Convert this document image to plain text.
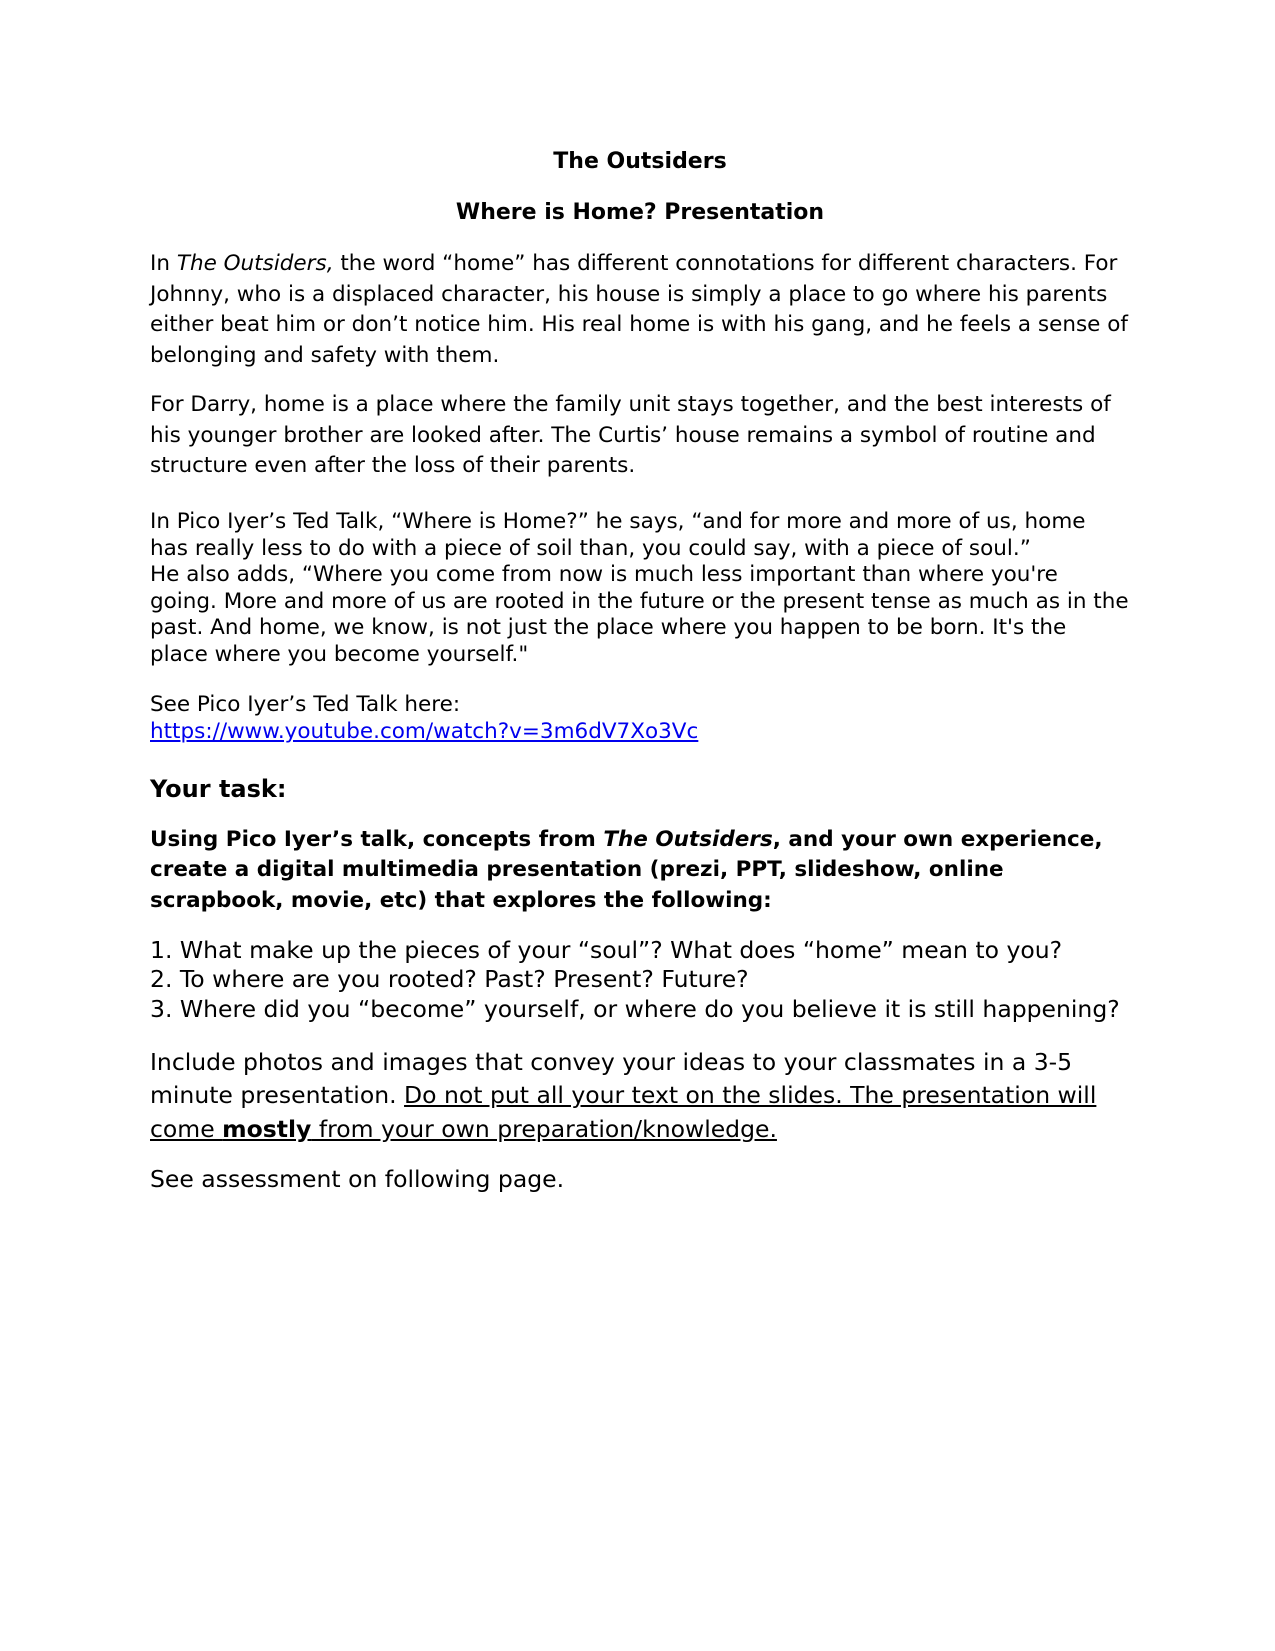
The Outsiders
Where is Home? Presentation

In The Outsiders, the word “home” has different connotations for different characters. For Johnny, who is a displaced character, his house is simply a place to go where his parents either beat him or don’t notice him. His real home is with his gang, and he feels a sense of belonging and safety with them.

For Darry, home is a place where the family unit stays together, and the best interests of his younger brother are looked after. The Curtis’ house remains a symbol of routine and structure even after the loss of their parents.

In Pico Iyer’s Ted Talk, “Where is Home?” he says, “and for more and more of us, home has really less to do with a piece of soil than, you could say, with a piece of soul.”
He also adds, “Where you come from now is much less important than where you're going. More and more of us are rooted in the future or the present tense as much as in the past. And home, we know, is not just the place where you happen to be born. It's the place where you become yourself."
See Pico Iyer’s Ted Talk here:
https://www.youtube.com/watch?v=3m6dV7Xo3Vc
Your task:

Using Pico Iyer’s talk, concepts from The Outsiders, and your own experience, create a digital multimedia presentation (prezi, PPT, slideshow, online scrapbook, movie, etc) that explores the following:

1. What make up the pieces of your “soul”? What does “home” mean to you?
2. To where are you rooted? Past? Present? Future?
3. Where did you “become” yourself, or where do you believe it is still happening?

Include photos and images that convey your ideas to your classmates in a 3-5 minute presentation. Do not put all your text on the slides. The presentation will come mostly from your own preparation/knowledge.

See assessment on following page.
